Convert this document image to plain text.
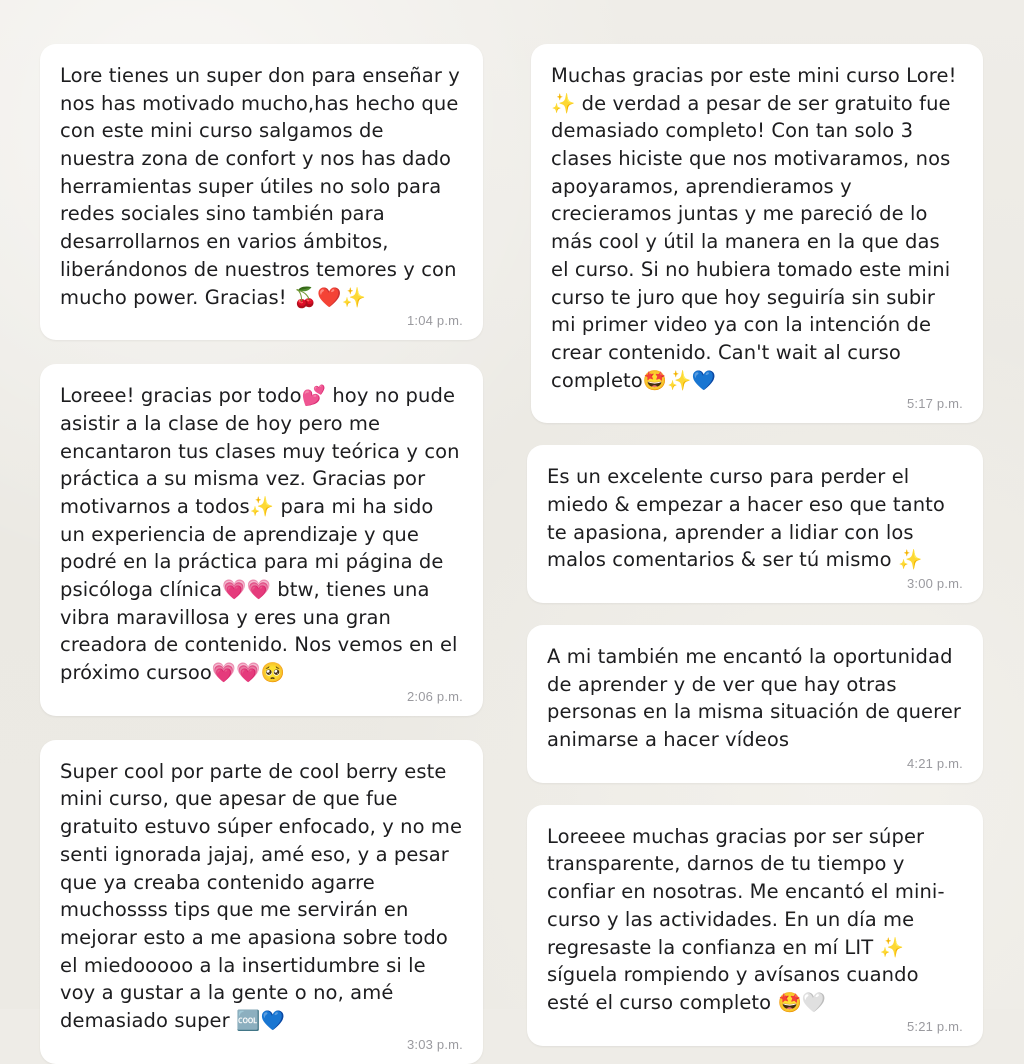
Lore tienes un super don para enseñar y nos has motivado mucho,has hecho que con este mini curso salgamos de nuestra zona de confort y nos has dado herramientas super útiles no solo para redes sociales sino también para desarrollarnos en varios ámbitos, liberándonos de nuestros temores y con mucho power. Gracias! 🍒❤️✨
1:04 p.m.
Loreee! gracias por todo💕 hoy no pude asistir a la clase de hoy pero me encantaron tus clases muy teórica y con práctica a su misma vez. Gracias por motivarnos a todos✨ para mi ha sido un experiencia de aprendizaje y que podré en la práctica para mi página de psicóloga clínica💗💗 btw, tienes una vibra maravillosa y eres una gran creadora de contenido. Nos vemos en el próximo cursoo💗💗🥺
2:06 p.m.
Super cool por parte de cool berry este mini curso, que apesar de que fue gratuito estuvo súper enfocado, y no me senti ignorada jajaj, amé eso, y a pesar que ya creaba contenido agarre muchossss tips que me servirán en mejorar esto a me apasiona sobre todo el miedooooo a la insertidumbre si le voy a gustar a la gente o no, amé demasiado super 🆒💙
3:03 p.m.
Muchas gracias por este mini curso Lore!✨ de verdad a pesar de ser gratuito fue demasiado completo! Con tan solo 3 clases hiciste que nos motivaramos, nos apoyaramos, aprendieramos y crecieramos juntas y me pareció de lo más cool y útil la manera en la que das el curso. Si no hubiera tomado este mini curso te juro que hoy seguiría sin subir mi primer video ya con la intención de crear contenido. Can't wait al curso completo🤩✨💙
5:17 p.m.
Es un excelente curso para perder el miedo & empezar a hacer eso que tanto te apasiona, aprender a lidiar con los malos comentarios & ser tú mismo ✨
3:00 p.m.
A mi también me encantó la oportunidad de aprender y de ver que hay otras personas en la misma situación de querer animarse a hacer vídeos
4:21 p.m.
Loreeee muchas gracias por ser súper transparente, darnos de tu tiempo y confiar en nosotras. Me encantó el mini-curso y las actividades. En un día me regresaste la confianza en mí LIT ✨ síguela rompiendo y avísanos cuando esté el curso completo 🤩🤍
5:21 p.m.
